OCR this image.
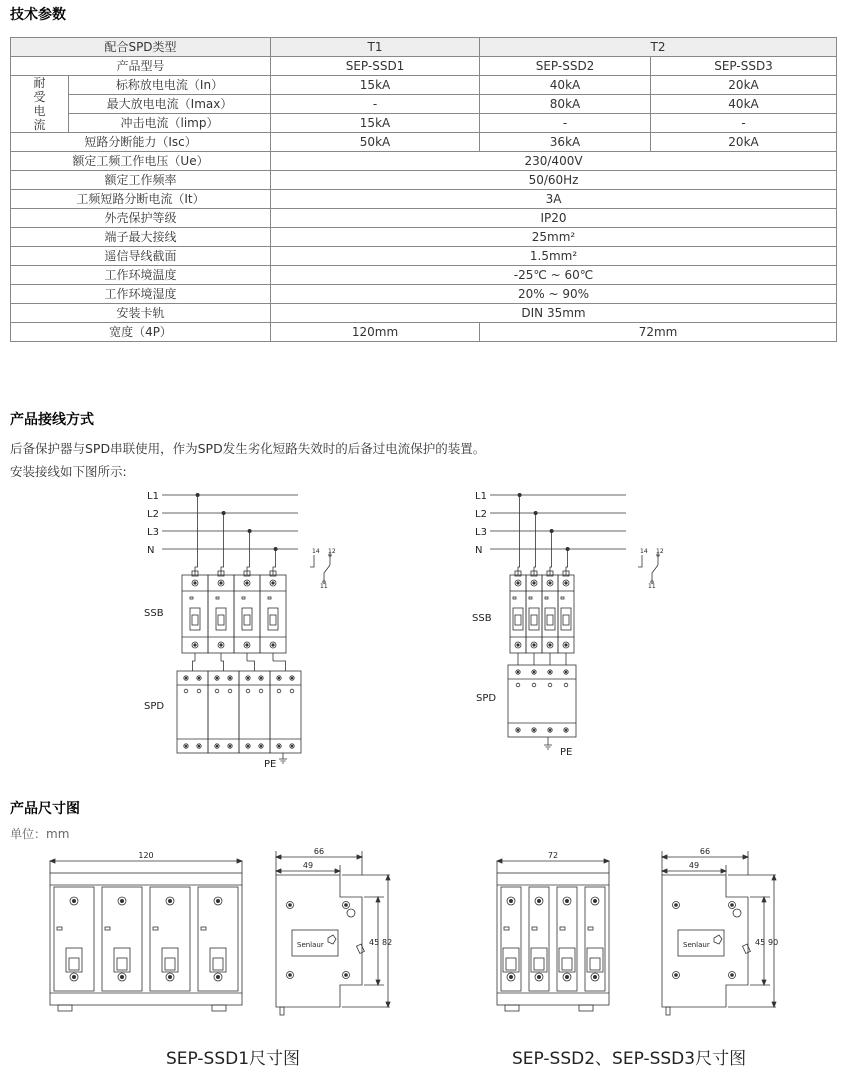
技术参数
配合SPD类型		T1	T2	
产品型号		SEP-SSD1	SEP-SSD2	SEP-SSD3

耐受电流	标称放电电流（In）	15kA	40kA	20kA
	最大放电电流（Imax）	-	80kA	40kA
	冲击电流（limp）	15kA	-	-
短路分断能力（Isc）		50kA	36kA	20kA
额定工频工作电压（Ue）		230/400V		
额定工作频率		50/60Hz		
工频短路分断电流（It）		3A		
外壳保护等级		IP20		
端子最大接线		25mm²		
遥信导线截面		1.5mm²		
工作环境温度		-25℃ ~ 60℃		
工作环境湿度		20% ~ 90%		
安装卡轨		DIN 35mm		
宽度（4P）		120mm	72mm	
产品接线方式
后备保护器与SPD串联使用，作为SPD发生劣化短路失效时的后备过电流保护的装置。
安装接线如下图所示:
L1
L2
L3
N	14 12
11
SSB
SPD
PE
L1
L2
L3
N	14 12
11
SSB
SPD
PE
产品尺寸图
单位：mm
120	66
49
Senlaur	45 82
72	66
49
Senlaur	45 90
SEP-SSD1尺寸图	SEP-SSD2、SEP-SSD3尺寸图
